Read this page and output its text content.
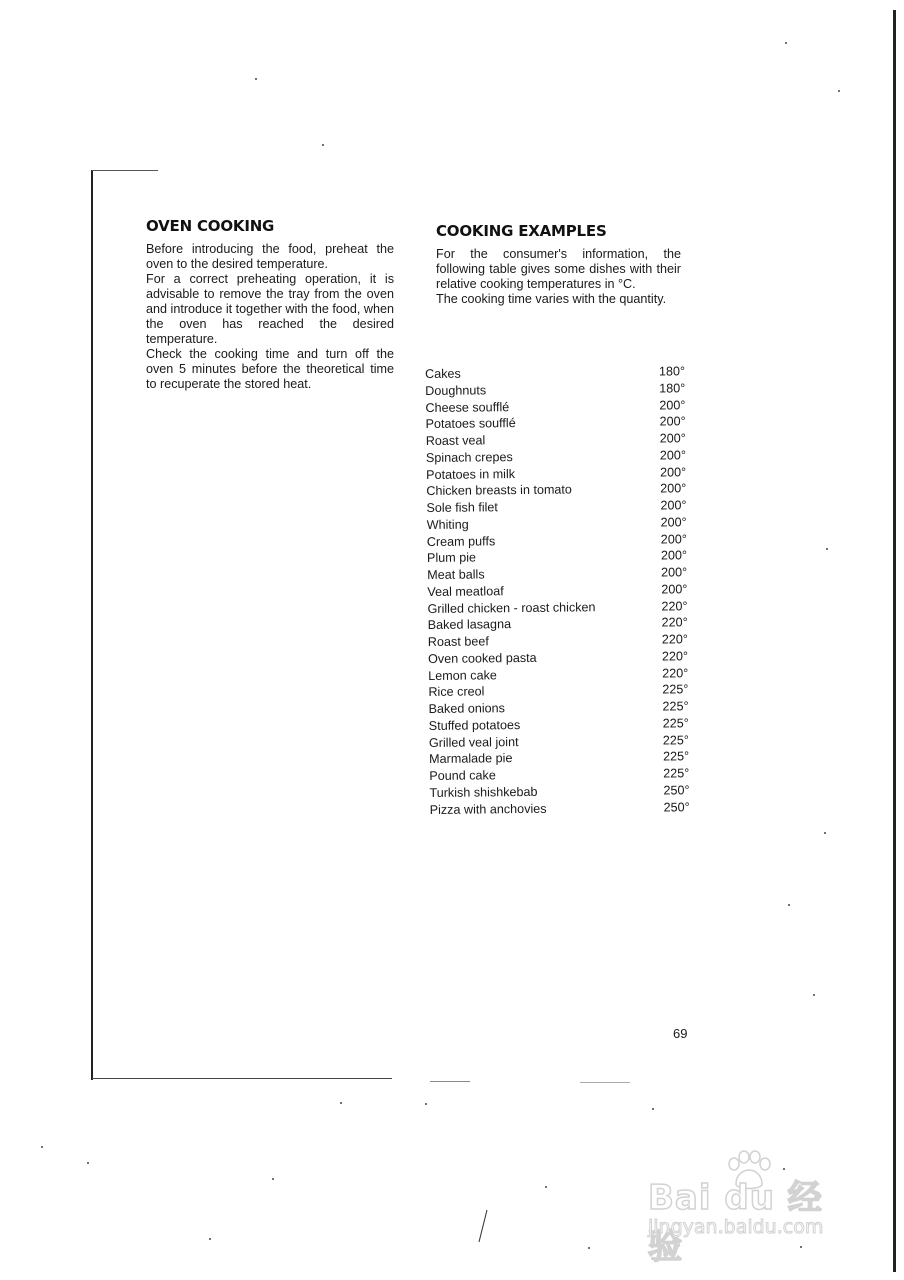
OVEN COOKING

Before introducing the food, preheat the oven to the desired temperature.

For a correct preheating operation, it is advisable to remove the tray from the oven and introduce it together with the food, when the oven has reached the desired temperature.

Check the cooking time and turn off the oven 5 minutes before the theoretical time to recuperate the stored heat.

COOKING EXAMPLES

For the consumer's information, the following table gives some dishes with their relative cooking temperatures in °C.

The cooking time varies with the quantity.

Cakes	180°
Doughnuts	180°
Cheese soufflé	200°
Potatoes soufflé	200°
Roast veal	200°
Spinach crepes	200°
Potatoes in milk	200°
Chicken breasts in tomato	200°
Sole fish filet	200°
Whiting	200°
Cream puffs	200°
Plum pie	200°
Meat balls	200°
Veal meatloaf	200°
Grilled chicken - roast chicken	220°
Baked lasagna	220°
Roast beef	220°
Oven cooked pasta	220°
Lemon cake	220°
Rice creol	225°
Baked onions	225°
Stuffed potatoes	225°
Grilled veal joint	225°
Marmalade pie	225°
Pound cake	225°
Turkish shishkebab	250°
Pizza with anchovies	250°
69
Bai du 经验
jingyan.baidu.com
